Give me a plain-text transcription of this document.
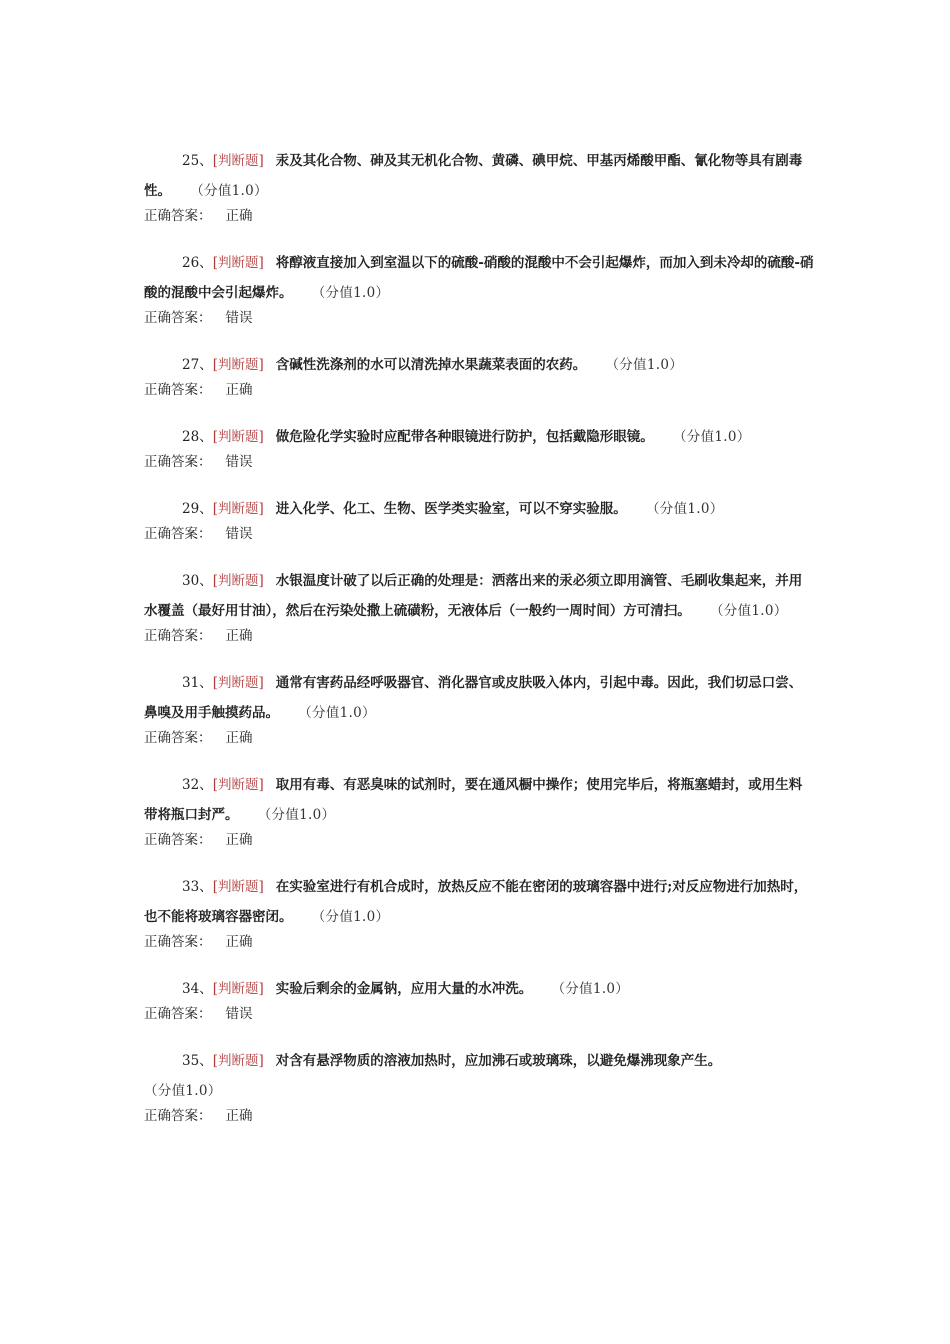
25、[判断题] 汞及其化合物、砷及其无机化合物、黄磷、碘甲烷、甲基丙烯酸甲酯、氰化物等具有剧毒性。 （分值1.0）

正确答案： 正确

26、[判断题] 将醇液直接加入到室温以下的硫酸-硝酸的混酸中不会引起爆炸，而加入到未冷却的硫酸-硝酸的混酸中会引起爆炸。 （分值1.0）

正确答案： 错误

27、[判断题] 含碱性洗涤剂的水可以清洗掉水果蔬菜表面的农药。 （分值1.0）

正确答案： 正确

28、[判断题] 做危险化学实验时应配带各种眼镜进行防护，包括戴隐形眼镜。 （分值1.0）

正确答案： 错误

29、[判断题] 进入化学、化工、生物、医学类实验室，可以不穿实验服。 （分值1.0）

正确答案： 错误

30、[判断题] 水银温度计破了以后正确的处理是：洒落出来的汞必须立即用滴管、毛刷收集起来，并用水覆盖（最好用甘油），然后在污染处撒上硫磺粉，无液体后（一般约一周时间）方可清扫。 （分值1.0）

正确答案： 正确

31、[判断题] 通常有害药品经呼吸器官、消化器官或皮肤吸入体内，引起中毒。因此，我们切忌口尝、鼻嗅及用手触摸药品。 （分值1.0）

正确答案： 正确

32、[判断题] 取用有毒、有恶臭味的试剂时，要在通风橱中操作；使用完毕后，将瓶塞蜡封，或用生料带将瓶口封严。 （分值1.0）

正确答案： 正确

33、[判断题] 在实验室进行有机合成时，放热反应不能在密闭的玻璃容器中进行;对反应物进行加热时，也不能将玻璃容器密闭。 （分值1.0）

正确答案： 正确

34、[判断题] 实验后剩余的金属钠，应用大量的水冲洗。 （分值1.0）

正确答案： 错误

35、[判断题] 对含有悬浮物质的溶液加热时，应加沸石或玻璃珠，以避免爆沸现象产生。（分值1.0）

正确答案： 正确
